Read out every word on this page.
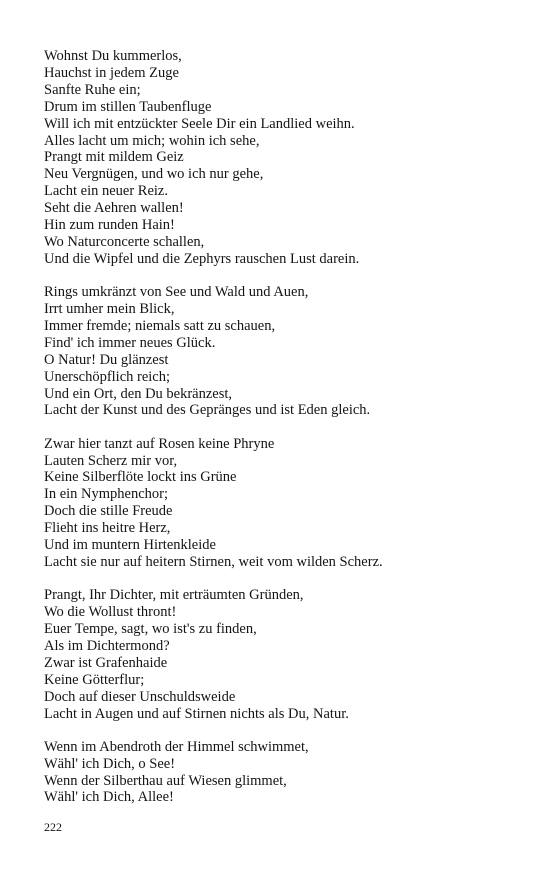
Wohnst Du kummerlos,
Hauchst in jedem Zuge
Sanfte Ruhe ein;
Drum im stillen Taubenfluge
Will ich mit entzückter Seele Dir ein Landlied weihn.
Alles lacht um mich; wohin ich sehe,
Prangt mit mildem Geiz
Neu Vergnügen, und wo ich nur gehe,
Lacht ein neuer Reiz.
Seht die Aehren wallen!
Hin zum runden Hain!
Wo Naturconcerte schallen,
Und die Wipfel und die Zephyrs rauschen Lust darein.
Rings umkränzt von See und Wald und Auen,
Irrt umher mein Blick,
Immer fremde; niemals satt zu schauen,
Find' ich immer neues Glück.
O Natur! Du glänzest
Unerschöpflich reich;
Und ein Ort, den Du bekränzest,
Lacht der Kunst und des Gepränges und ist Eden gleich.
Zwar hier tanzt auf Rosen keine Phryne
Lauten Scherz mir vor,
Keine Silberflöte lockt ins Grüne
In ein Nymphenchor;
Doch die stille Freude
Flieht ins heitre Herz,
Und im muntern Hirtenkleide
Lacht sie nur auf heitern Stirnen, weit vom wilden Scherz.
Prangt, Ihr Dichter, mit erträumten Gründen,
Wo die Wollust thront!
Euer Tempe, sagt, wo ist's zu finden,
Als im Dichtermond?
Zwar ist Grafenhaide
Keine Götterflur;
Doch auf dieser Unschuldsweide
Lacht in Augen und auf Stirnen nichts als Du, Natur.
Wenn im Abendroth der Himmel schwimmet,
Wähl' ich Dich, o See!
Wenn der Silberthau auf Wiesen glimmet,
Wähl' ich Dich, Allee!
222
